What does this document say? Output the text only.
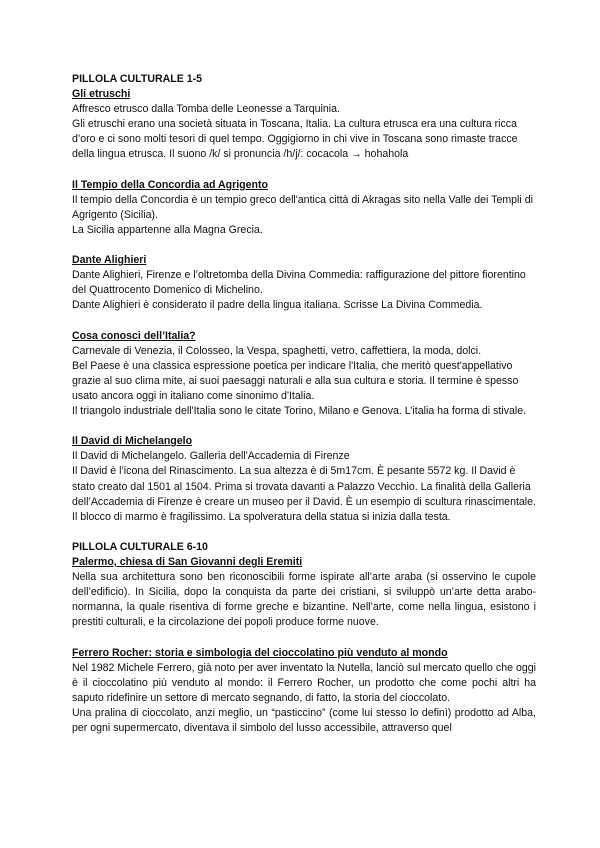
PILLOLA CULTURALE 1-5

Gli etruschi

Affresco etrusco dalla Tomba delle Leonesse a Tarquinia.

Gli etruschi erano una società situata in Toscana, Italia. La cultura etrusca era una cultura ricca d’oro e ci sono molti tesori di quel tempo. Oggigiorno in chi vive in Toscana sono rimaste tracce della lingua etrusca. Il suono /k/ si pronuncia /h/j/: cocacola → hohahola

Il Tempio della Concordia ad Agrigento

Il tempio della Concordia è un tempio greco dell'antica città di Akragas sito nella Valle dei Templi di Agrigento (Sicilia).

La Sicilia appartenne alla Magna Grecia.

Dante Alighieri

Dante Alighieri, Firenze e l’oltretomba della Divina Commedia: raffigurazione del pittore fiorentino del Quattrocento Domenico di Michelino.

Dante Alighieri è considerato il padre della lingua italiana. Scrisse La Divina Commedia.

Cosa conosci dell’Italia?

Carnevale di Venezia, il Colosseo, la Vespa, spaghetti, vetro, caffettiera, la moda, dolci.

Bel Paese è una classica espressione poetica per indicare l'Italia, che meritò quest'appellativo grazie al suo clima mite, ai suoi paesaggi naturali e alla sua cultura e storia. Il termine è spesso usato ancora oggi in italiano come sinonimo d'Italia.

Il triangolo industriale dell'Italia sono le citate Torino, Milano e Genova. L’italia ha forma di stivale.

Il David di Michelangelo

Il David di Michelangelo. Galleria dell'Accademia di Firenze

Il David è l’icona del Rinascimento. La sua altezza è di 5m17cm. È pesante 5572 kg. Il David è stato creato dal 1501 al 1504. Prima si trovata davanti a Palazzo Vecchio. La finalità della Galleria dell’Accademia di Firenze è creare un museo per il David. È un esempio di scultura rinascimentale. Il blocco di marmo è fragilissimo. La spolveratura della statua si inizia dalla testa.

PILLOLA CULTURALE 6-10

Palermo, chiesa di San Giovanni degli Eremiti

Nella sua architettura sono ben riconoscibili forme ispirate all’arte araba (si osservino le cupole dell’edificio). In Sicilia, dopo la conquista da parte dei cristiani, si sviluppò un’arte detta arabo-normanna, la quale risentiva di forme greche e bizantine. Nell’arte, come nella lingua, esistono i prestiti culturali, e la circolazione dei popoli produce forme nuove.

Ferrero Rocher: storia e simbologia del cioccolatino più venduto al mondo

Nel 1982 Michele Ferrero, già noto per aver inventato la Nutella, lanciò sul mercato quello che oggi è il cioccolatino più venduto al mondo: il Ferrero Rocher, un prodotto che come pochi altri ha saputo ridefinire un settore di mercato segnando, di fatto, la storia del cioccolato.

Una pralina di cioccolato, anzi meglio, un “pasticcino” (come lui stesso lo definì) prodotto ad Alba, per ogni supermercato, diventava il simbolo del lusso accessibile, attraverso quel
